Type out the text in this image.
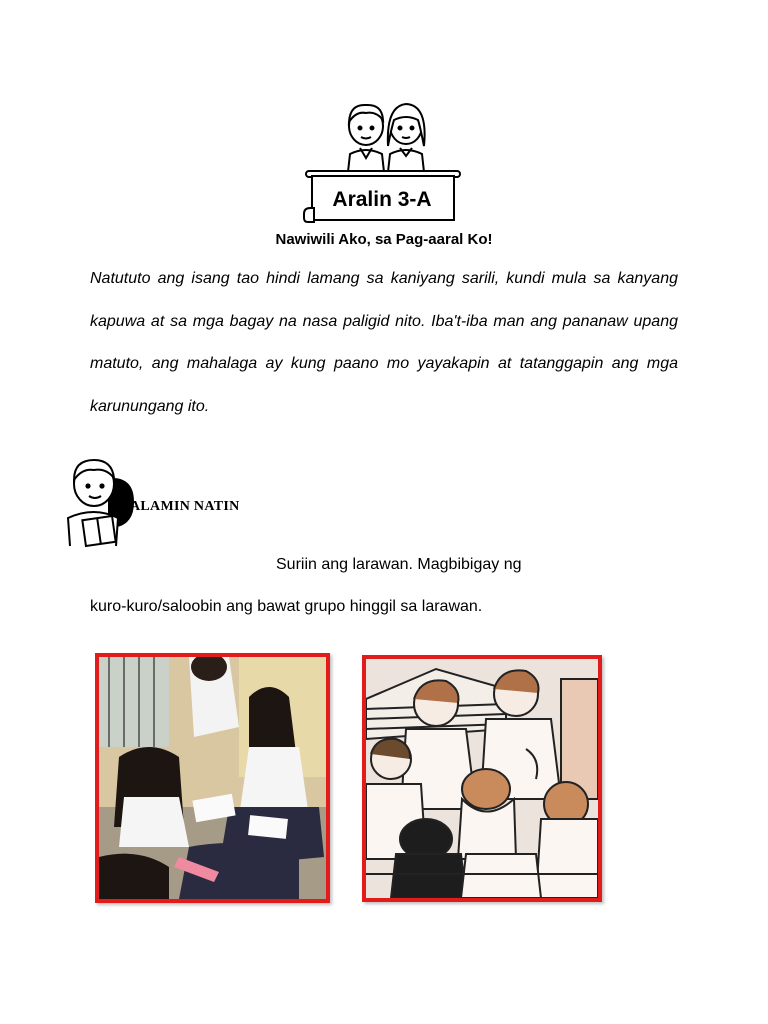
Aralin 3-A
Nawiwili Ako, sa Pag-aaral Ko!

Natututo ang isang tao hindi lamang sa kaniyang sarili, kundi mula sa kanyang kapuwa at sa mga bagay na nasa paligid nito. Iba't-iba man ang pananaw upang matuto, ang mahalaga ay kung paano mo yayakapin at tatanggapin ang mga karunungang ito.

ALAMIN NATIN
Suriin ang larawan. Magbibigay ng
kuro-kuro/saloobin ang bawat grupo hinggil sa larawan.
